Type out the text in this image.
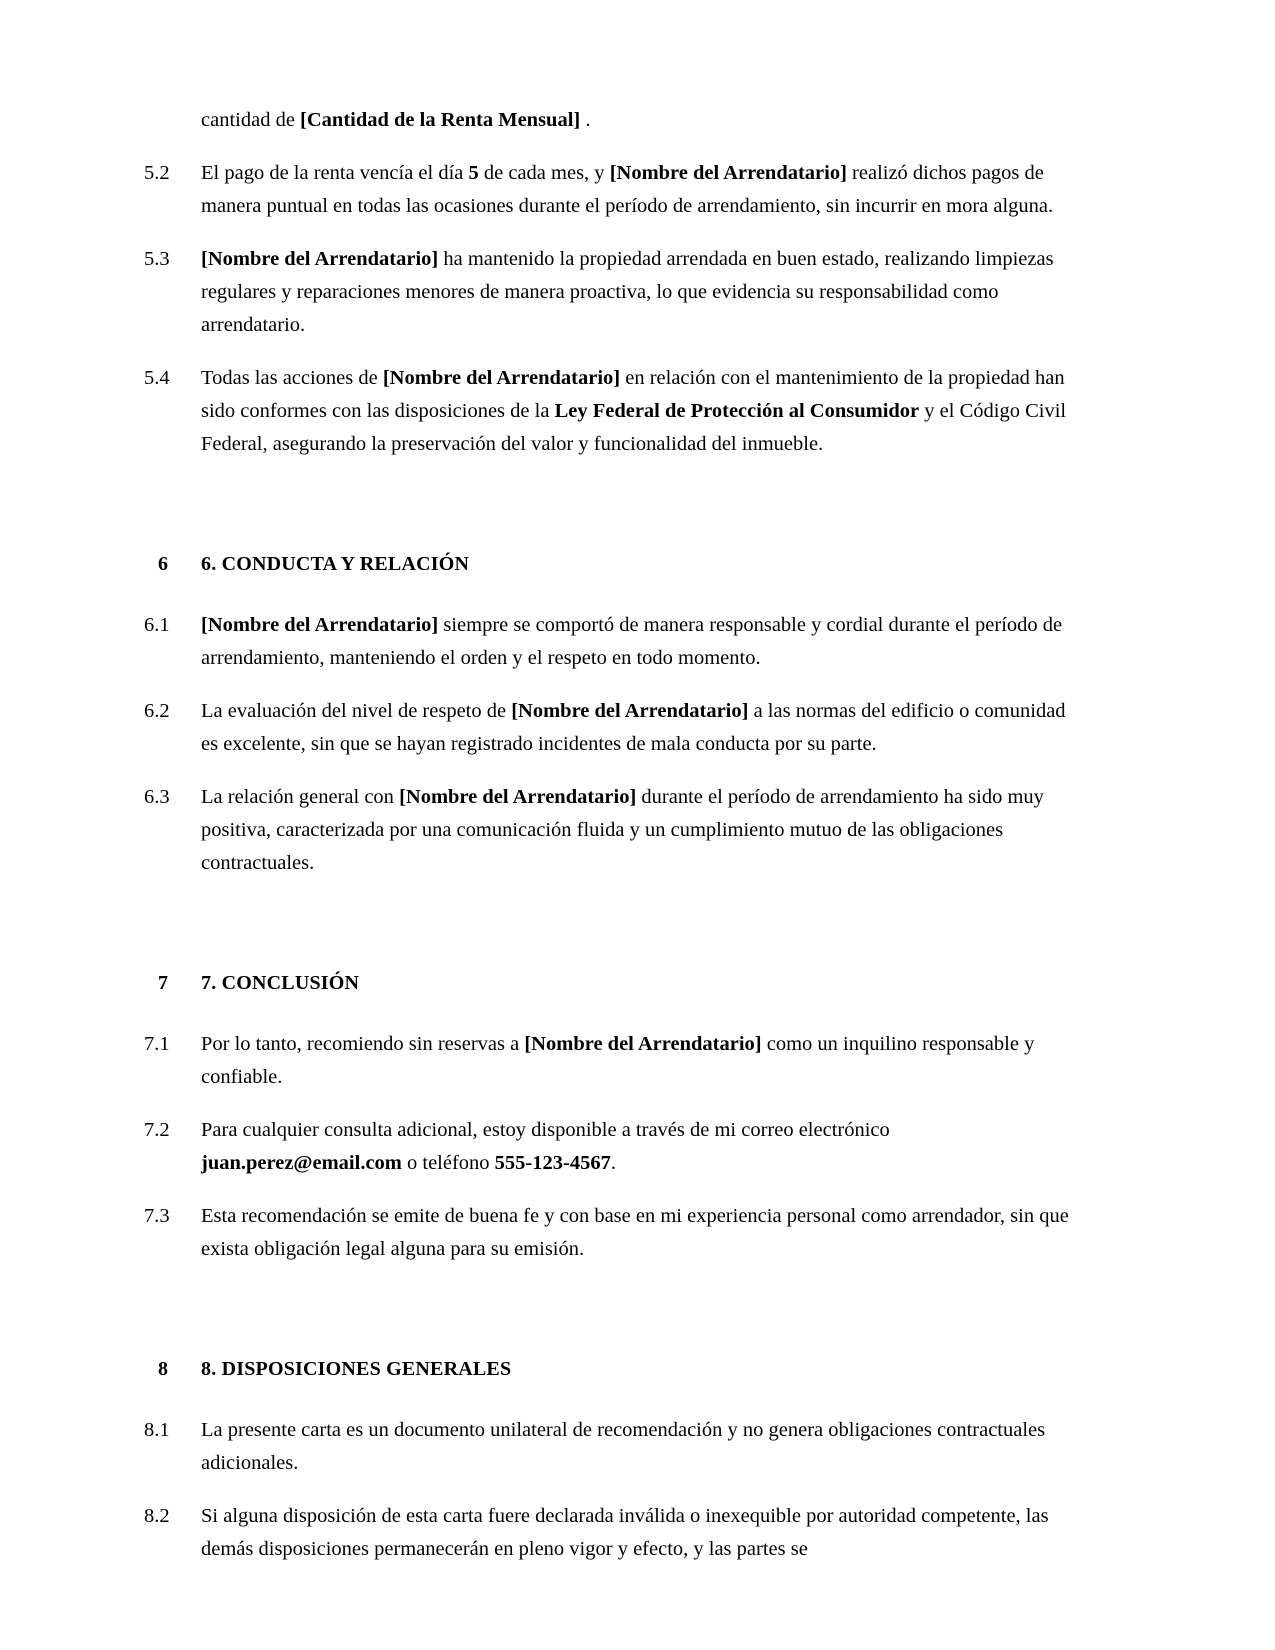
cantidad de [Cantidad de la Renta Mensual] .
5.2	El pago de la renta vencía el día 5 de cada mes, y [Nombre del Arrendatario] realizó dichos pagos de manera puntual en todas las ocasiones durante el período de arrendamiento, sin incurrir en mora alguna.
5.3	[Nombre del Arrendatario] ha mantenido la propiedad arrendada en buen estado, realizando limpiezas regulares y reparaciones menores de manera proactiva, lo que evidencia su responsabilidad como arrendatario.
5.4	Todas las acciones de [Nombre del Arrendatario] en relación con el mantenimiento de la propiedad han sido conformes con las disposiciones de la Ley Federal de Protección al Consumidor y el Código Civil Federal, asegurando la preservación del valor y funcionalidad del inmueble.
6	6. CONDUCTA Y RELACIÓN
6.1	[Nombre del Arrendatario] siempre se comportó de manera responsable y cordial durante el período de arrendamiento, manteniendo el orden y el respeto en todo momento.
6.2	La evaluación del nivel de respeto de [Nombre del Arrendatario] a las normas del edificio o comunidad es excelente, sin que se hayan registrado incidentes de mala conducta por su parte.
6.3	La relación general con [Nombre del Arrendatario] durante el período de arrendamiento ha sido muy positiva, caracterizada por una comunicación fluida y un cumplimiento mutuo de las obligaciones contractuales.
7	7. CONCLUSIÓN
7.1	Por lo tanto, recomiendo sin reservas a [Nombre del Arrendatario] como un inquilino responsable y confiable.
7.2	Para cualquier consulta adicional, estoy disponible a través de mi correo electrónico juan.perez@email.com o teléfono 555-123-4567.
7.3	Esta recomendación se emite de buena fe y con base en mi experiencia personal como arrendador, sin que exista obligación legal alguna para su emisión.
8	8. DISPOSICIONES GENERALES
8.1	La presente carta es un documento unilateral de recomendación y no genera obligaciones contractuales adicionales.
8.2	Si alguna disposición de esta carta fuere declarada inválida o inexequible por autoridad competente, las demás disposiciones permanecerán en pleno vigor y efecto, y las partes se
